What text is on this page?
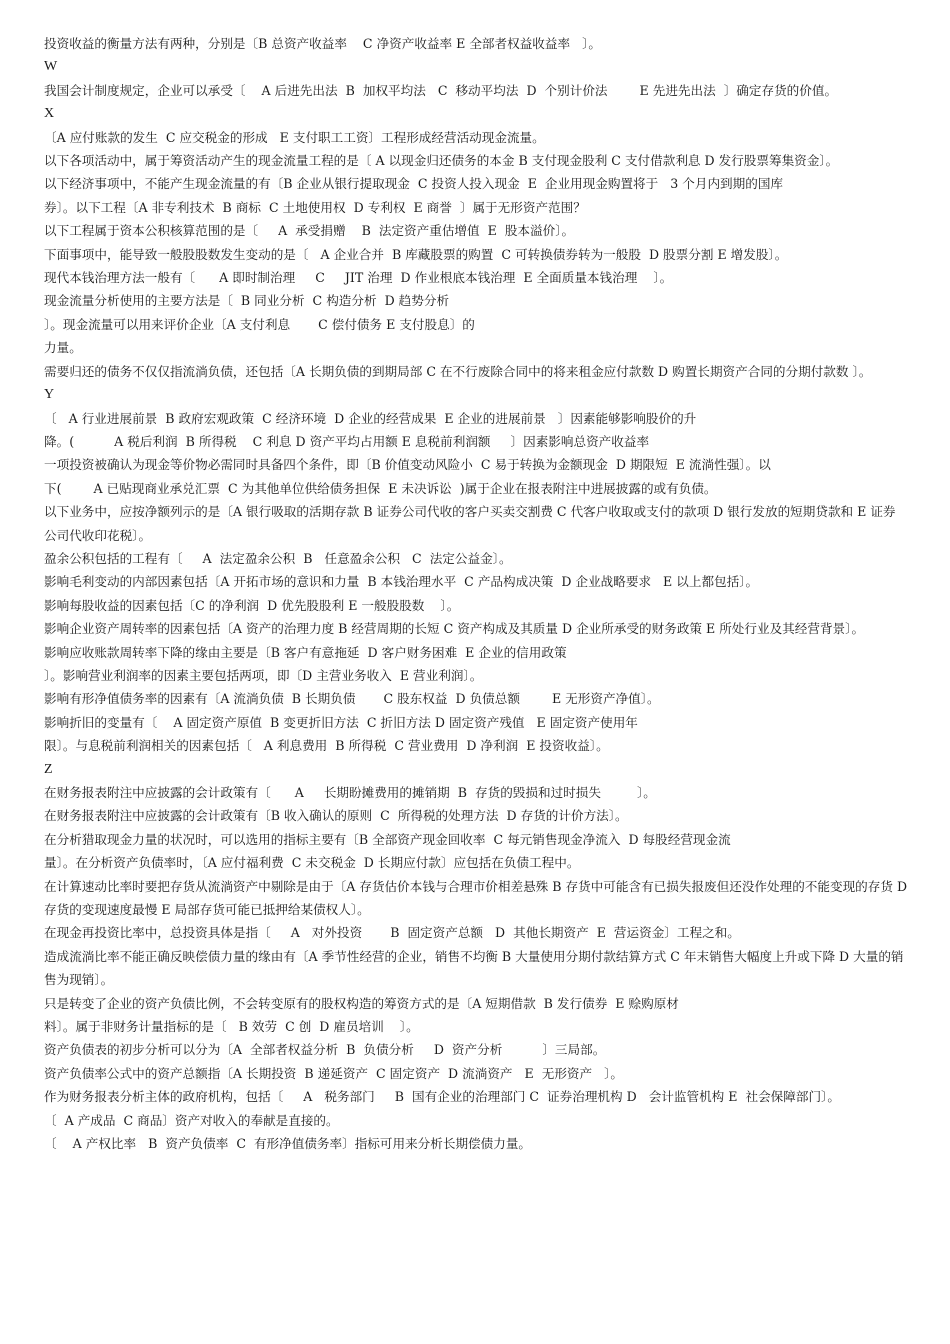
投资收益的衡量方法有两种，分别是〔B 总资产收益率    C 净资产收益率 E 全部者权益收益率   〕。
W
我国会计制度规定，企业可以承受〔    A 后进先出法  B  加权平均法   C  移动平均法  D  个别计价法        E 先进先出法  〕确定存货的价值。
X
〔A 应付账款的发生  C 应交税金的形成   E 支付职工工资〕工程形成经营活动现金流量。
以下各项活动中，属于筹资活动产生的现金流量工程的是〔 A 以现金归还债务的本金 B 支付现金股利 C 支付借款利息 D 发行股票筹集资金〕。
以下经济事项中，不能产生现金流量的有〔B 企业从银行提取现金  C 投资人投入现金  E  企业用现金购置将于   3 个月内到期的国库
券〕。以下工程〔A 非专利技术  B 商标  C 土地使用权  D 专利权  E 商誉  〕属于无形资产范围？
以下工程属于资本公积核算范围的是〔     A  承受捐赠    B  法定资产重估增值  E  股本溢价〕。
下面事项中，能导致一般股股数发生变动的是〔   A 企业合并  B 库藏股票的购置  C 可转换债券转为一般股  D 股票分割 E 增发股〕。
现代本钱治理方法一般有〔      A 即时制治理     C     JIT 治理  D 作业根底本钱治理  E 全面质量本钱治理    〕。
现金流量分析使用的主要方法是〔  B 同业分析  C 构造分析  D 趋势分析
〕。现金流量可以用来评价企业〔A 支付利息       C 偿付债务 E 支付股息〕的
力量。
需要归还的债务不仅仅指流淌负债，还包括〔A 长期负债的到期局部 C 在不行废除合同中的将来租金应付款数 D 购置长期资产合同的分期付款数 〕。
Y
〔   A 行业进展前景  B 政府宏观政策  C 经济环境  D 企业的经营成果  E 企业的进展前景   〕因素能够影响股价的升
降。(          A 税后利润  B 所得税    C 利息 D 资产平均占用额 E 息税前利润额     〕因素影响总资产收益率
一项投资被确认为现金等价物必需同时具备四个条件，即〔B 价值变动风险小  C 易于转换为金额现金  D 期限短  E 流淌性强〕。以
下(        A 已贴现商业承兑汇票  C 为其他单位供给债务担保  E 未决诉讼  )属于企业在报表附注中进展披露的或有负债。
以下业务中，应按净额列示的是〔A 银行吸取的活期存款 B 证券公司代收的客户买卖交割费 C 代客户收取或支付的款项 D 银行发放的短期贷款和 E 证券公司代收印花税〕。
盈余公积包括的工程有〔     A  法定盈余公积  B   任意盈余公积   C  法定公益金〕。
影响毛利变动的内部因素包括〔A 开拓市场的意识和力量  B 本钱治理水平  C 产品构成决策  D 企业战略要求   E 以上都包括〕。
影响每股收益的因素包括〔C 的净利润  D 优先股股利 E 一般股股数    〕。
影响企业资产周转率的因素包括〔A 资产的治理力度 B 经营周期的长短 C 资产构成及其质量 D 企业所承受的财务政策 E 所处行业及其经营背景〕。
影响应收账款周转率下降的缘由主要是〔B 客户有意拖延  D 客户财务困难  E 企业的信用政策
〕。影响营业利润率的因素主要包括两项，即〔D 主营业务收入  E 营业利润〕。
影响有形净值债务率的因素有〔A 流淌负债  B 长期负债       C 股东权益  D 负债总额        E 无形资产净值〕。
影响折旧的变量有〔    A 固定资产原值  B 变更折旧方法  C 折旧方法 D 固定资产残值   E 固定资产使用年
限〕。与息税前利润相关的因素包括〔   A 利息费用  B 所得税  C 营业费用  D 净利润  E 投资收益〕。
Z
在财务报表附注中应披露的会计政策有〔      A     长期盼摊费用的摊销期  B  存货的毁损和过时损失         〕。
在财务报表附注中应披露的会计政策有〔B 收入确认的原则  C  所得税的处理方法  D 存货的计价方法〕。
在分析猎取现金力量的状况时，可以选用的指标主要有〔B 全部资产现金回收率  C 每元销售现金净流入  D 每股经营现金流
量〕。在分析资产负债率时，〔A 应付福利费  C 未交税金  D 长期应付款〕应包括在负债工程中。
在计算速动比率时要把存货从流淌资产中剔除是由于〔A 存货估价本钱与合理市价相差悬殊 B 存货中可能含有已损失报废但还没作处理的不能变现的存货 D 存货的变现速度最慢 E 局部存货可能已抵押给某债权人〕。
在现金再投资比率中，总投资具体是指〔     A   对外投资       B  固定资产总额   D  其他长期资产  E  营运资金〕工程之和。
造成流淌比率不能正确反映偿债力量的缘由有〔A 季节性经营的企业，销售不均衡 B 大量使用分期付款结算方式 C 年末销售大幅度上升或下降 D 大量的销售为现销〕。
只是转变了企业的资产负债比例，不会转变原有的股权构造的筹资方式的是〔A 短期借款  B 发行债券  E 赊购原材
料〕。属于非财务计量指标的是〔   B 效劳  C 创  D 雇员培训    〕。
资产负债表的初步分析可以分为〔A  全部者权益分析  B  负债分析     D  资产分析          〕三局部。
资产负债率公式中的资产总额指〔A 长期投资  B 递延资产  C 固定资产  D 流淌资产   E  无形资产   〕。
作为财务报表分析主体的政府机构，包括〔     A   税务部门     B  国有企业的治理部门 C  证券治理机构 D   会计监管机构 E  社会保障部门〕。
〔  A 产成品  C 商品〕资产对收入的奉献是直接的。
〔    A 产权比率   B  资产负债率  C  有形净值债务率〕指标可用来分析长期偿债力量。
